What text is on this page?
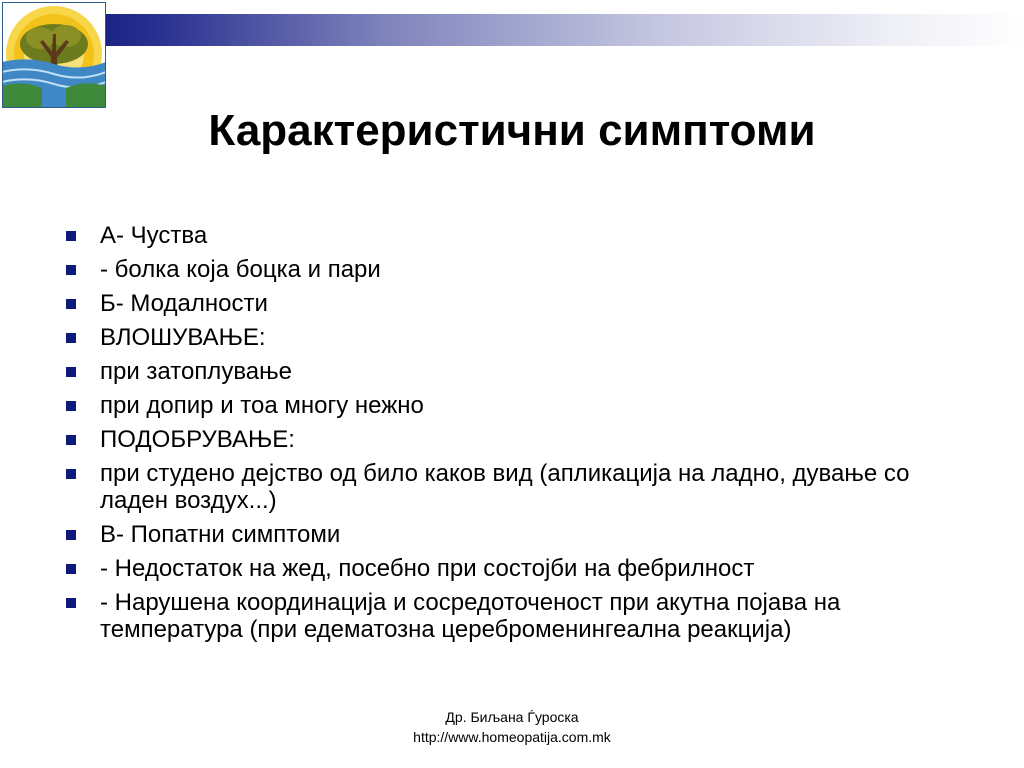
Карактеристични симптоми
А- Чуства
- болка која боцка и пари
Б- Модалности
ВЛОШУВАЊЕ:
при затоплување
при допир и тоа многу нежно
ПОДОБРУВАЊЕ:
при студено дејство од било каков вид (апликација на ладно, дување со ладен воздух...)
В- Попатни симптоми
- Недостаток на жед, посебно при состојби на фебрилност
- Нарушена координација и сосредоточеност при акутна појава на температура (при едематозна цереброменингеална реакција)
Др. Биљана Ѓуроска
http://www.homeopatija.com.mk
